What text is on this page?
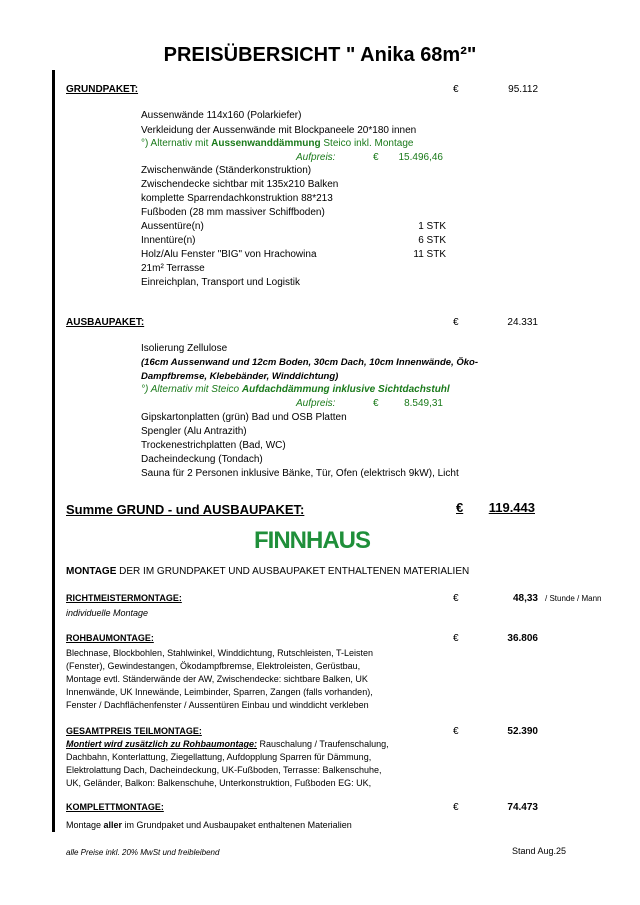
PREISÜBERSICHT " Anika 68m²"
GRUNDPAKET:	€	95.112
Aussenwände 114x160 (Polarkiefer)
Verkleidung der Aussenwände mit Blockpaneele 20*180 innen
°) Alternativ mit Aussenwanddämmung Steico inkl. Montage
Aufpreis:	€	15.496,46
Zwischenwände (Ständerkonstruktion)
Zwischendecke sichtbar mit 135x210 Balken
komplette Sparrendachkonstruktion 88*213
Fußboden (28 mm massiver Schiffboden)
Aussentüre(n)	1 STK
Innentüre(n)	6 STK
Holz/Alu Fenster "BIG" von Hrachowina	11 STK
21m² Terrasse
Einreichplan, Transport und Logistik
AUSBAUPAKET:	€	24.331
Isolierung Zellulose
(16cm Aussenwand und 12cm Boden, 30cm Dach, 10cm Innenwände, Öko-
Dampfbremse, Klebebänder, Winddichtung)
°) Alternativ mit Steico Aufdachdämmung inklusive Sichtdachstuhl
Aufpreis:	€	8.549,31
Gipskartonplatten (grün) Bad und OSB Platten
Spengler (Alu Antrazith)
Trockenestrichplatten (Bad, WC)
Dacheindeckung (Tondach)
Sauna für 2 Personen inklusive Bänke, Tür, Ofen (elektrisch 9kW), Licht
Summe GRUND - und AUSBAUPAKET:	€	119.443
FINNHAUS
MONTAGE DER IM GRUNDPAKET UND AUSBAUPAKET ENTHALTENEN MATERIALIEN
RICHTMEISTERMONTAGE:	€	48,33 / Stunde / Mann
individuelle Montage
ROHBAUMONTAGE:	€	36.806
Blechnase, Blockbohlen, Stahlwinkel, Winddichtung, Rutschleisten, T-Leisten
(Fenster), Gewindestangen, Ökodampfbremse, Elektroleisten, Gerüstbau,
Montage evtl. Ständerwände der AW, Zwischendecke: sichtbare Balken, UK
Innenwände, UK Innewände, Leimbinder, Sparren, Zangen (falls vorhanden),
Fenster / Dachflächenfenster / Aussentüren Einbau und winddicht verkleben
GESAMTPREIS TEILMONTAGE:	€	52.390
Montiert wird zusätzlich zu Rohbaumontage: Rauschalung / Traufenschalung,
Dachbahn, Konterlattung, Ziegellattung, Aufdopplung Sparren für Dämmung,
Elektrolattung Dach, Dacheindeckung, UK-Fußboden, Terrasse: Balkenschuhe,
UK, Geländer, Balkon: Balkenschuhe, Unterkonstruktion, Fußboden EG: UK,
KOMPLETTMONTAGE:	€	74.473
Montage aller im Grundpaket und Ausbaupaket enthaltenen Materialien
alle Preise inkl. 20% MwSt und freibleibend	Stand Aug.25
